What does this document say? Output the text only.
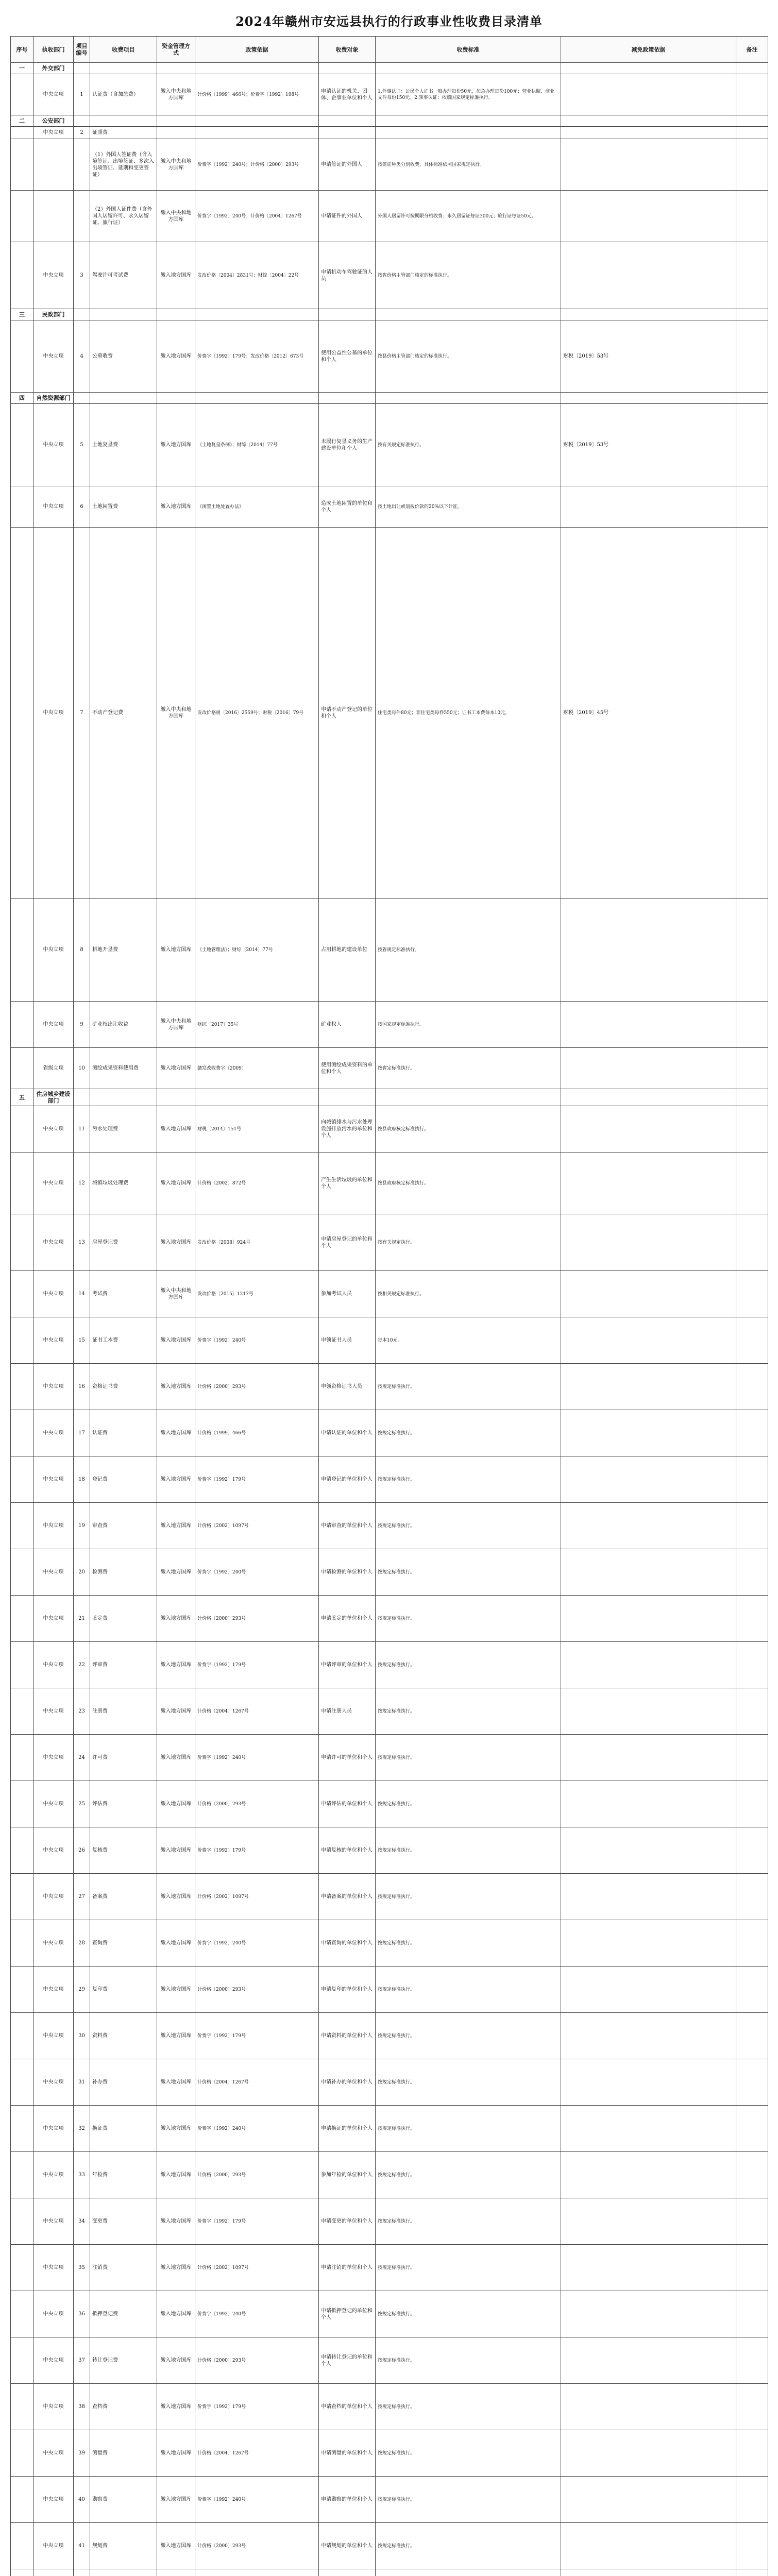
2024年赣州市安远县执行的行政事业性收费目录清单
序号	执收部门	项目编号	收费项目	资金管理方式	政策依据	收费对象	收费标准	减免政策依据	备注
一	外交部门								
	中央立项	1	认证费（含加急费）	缴入中央和地方国库	计价格〔1999〕466号；价费字〔1992〕198号	申请认证的机关、团体、企事业单位和个人	1.外事认证：公民个人证书一般办理每份50元，加急办理每份100元；营业执照、商业文件每份150元。2.领事认证：依照国家规定标准执行。		
二	公安部门								
	中央立项	2	证照费						
			（1）外国人签证费（含入境签证、出境签证、多次入出境签证、延期和变更签证）	缴入中央和地方国库	价费字〔1992〕240号；计价格〔2000〕293号	申请签证的外国人	按签证种类分别收费，具体标准依照国家规定执行。		
			（2）外国人证件费（含外国人居留许可、永久居留证、旅行证）	缴入中央和地方国库	价费字〔1992〕240号；计价格〔2004〕1267号	申请证件的外国人	外国人居留许可按期限分档收费；永久居留证每证300元；旅行证每证50元。		
	中央立项	3	驾驶许可考试费	缴入地方国库	发改价格〔2004〕2831号；财综〔2004〕22号	申请机动车驾驶证的人员	按省价格主管部门核定的标准执行。		
三	民政部门								
	中央立项	4	公墓收费	缴入地方国库	价费字〔1992〕179号；发改价格〔2012〕673号	使用公益性公墓的单位和个人	按县价格主管部门核定的标准执行。	财税〔2019〕53号	
四	自然资源部门								
	中央立项	5	土地复垦费	缴入地方国库	《土地复垦条例》；财综〔2014〕77号	未履行复垦义务的生产建设单位和个人	按有关规定标准执行。	财税〔2019〕53号	
	中央立项	6	土地闲置费	缴入地方国库	《闲置土地处置办法》	造成土地闲置的单位和个人	按土地出让或划拨价款的20%以下计征。		
	中央立项	7	不动产登记费	缴入中央和地方国库	发改价格规〔2016〕2559号；财税〔2016〕79号	申请不动产登记的单位和个人	住宅类每件80元；非住宅类每件550元；证书工本费每本10元。	财税〔2019〕45号	
	中央立项	8	耕地开垦费	缴入地方国库	《土地管理法》；财综〔2014〕77号	占用耕地的建设单位	按省规定标准执行。		
	中央立项	9	矿业权出让收益	缴入中央和地方国库	财综〔2017〕35号	矿业权人	按国家规定标准执行。		
	省级立项	10	测绘成果资料使用费	缴入地方国库	赣发改收费字〔2009〕	使用测绘成果资料的单位和个人	按省定标准执行。		
五	住房城乡建设部门								
	中央立项	11	污水处理费	缴入地方国库	财税〔2014〕151号	向城镇排水与污水处理设施排放污水的单位和个人	按县政府核定标准执行。		
	中央立项	12	城镇垃圾处理费	缴入地方国库	计价格〔2002〕872号	产生生活垃圾的单位和个人	按县政府核定标准执行。		
	中央立项	13	房屋登记费	缴入地方国库	发改价格〔2008〕924号	申请房屋登记的单位和个人	按有关规定执行。		
	中央立项	14	考试费	缴入中央和地方国库	发改价格〔2015〕1217号	参加考试人员	按相关规定标准执行。		
	中央立项	15	证书工本费	缴入地方国库	价费字〔1992〕240号	申领证书人员	每本10元。		
	中央立项	16	资格证书费	缴入地方国库	计价格〔2000〕293号	申领资格证书人员	按规定标准执行。		
	中央立项	17	认证费	缴入地方国库	计价格〔1999〕466号	申请认证的单位和个人	按规定标准执行。		
	中央立项	18	登记费	缴入地方国库	价费字〔1992〕179号	申请登记的单位和个人	按规定标准执行。		
	中央立项	19	审查费	缴入地方国库	计价格〔2002〕1097号	申请审查的单位和个人	按规定标准执行。		
	中央立项	20	检测费	缴入地方国库	价费字〔1992〕240号	申请检测的单位和个人	按规定标准执行。		
	中央立项	21	鉴定费	缴入地方国库	计价格〔2000〕293号	申请鉴定的单位和个人	按规定标准执行。		
	中央立项	22	评审费	缴入地方国库	价费字〔1992〕179号	申请评审的单位和个人	按规定标准执行。		
	中央立项	23	注册费	缴入地方国库	计价格〔2004〕1267号	申请注册人员	按规定标准执行。		
	中央立项	24	许可费	缴入地方国库	价费字〔1992〕240号	申请许可的单位和个人	按规定标准执行。		
	中央立项	25	评估费	缴入地方国库	计价格〔2000〕293号	申请评估的单位和个人	按规定标准执行。		
	中央立项	26	复核费	缴入地方国库	价费字〔1992〕179号	申请复核的单位和个人	按规定标准执行。		
	中央立项	27	备案费	缴入地方国库	计价格〔2002〕1097号	申请备案的单位和个人	按规定标准执行。		
	中央立项	28	查询费	缴入地方国库	价费字〔1992〕240号	申请查询的单位和个人	按规定标准执行。		
	中央立项	29	复印费	缴入地方国库	计价格〔2000〕293号	申请复印的单位和个人	按规定标准执行。		
	中央立项	30	资料费	缴入地方国库	价费字〔1992〕179号	申请资料的单位和个人	按规定标准执行。		
	中央立项	31	补办费	缴入地方国库	计价格〔2004〕1267号	申请补办的单位和个人	按规定标准执行。		
	中央立项	32	换证费	缴入地方国库	价费字〔1992〕240号	申请换证的单位和个人	按规定标准执行。		
	中央立项	33	年检费	缴入地方国库	计价格〔2000〕293号	参加年检的单位和个人	按规定标准执行。		
	中央立项	34	变更费	缴入地方国库	价费字〔1992〕179号	申请变更的单位和个人	按规定标准执行。		
	中央立项	35	注销费	缴入地方国库	计价格〔2002〕1097号	申请注销的单位和个人	按规定标准执行。		
	中央立项	36	抵押登记费	缴入地方国库	价费字〔1992〕240号	申请抵押登记的单位和个人	按规定标准执行。		
	中央立项	37	转让登记费	缴入地方国库	计价格〔2000〕293号	申请转让登记的单位和个人	按规定标准执行。		
	中央立项	38	查档费	缴入地方国库	价费字〔1992〕179号	申请查档的单位和个人	按规定标准执行。		
	中央立项	39	测量费	缴入地方国库	计价格〔2004〕1267号	申请测量的单位和个人	按规定标准执行。		
	中央立项	40	勘察费	缴入地方国库	价费字〔1992〕240号	申请勘察的单位和个人	按规定标准执行。		
	中央立项	41	规划费	缴入地方国库	计价格〔2000〕293号	申请规划的单位和个人	按规定标准执行。		
